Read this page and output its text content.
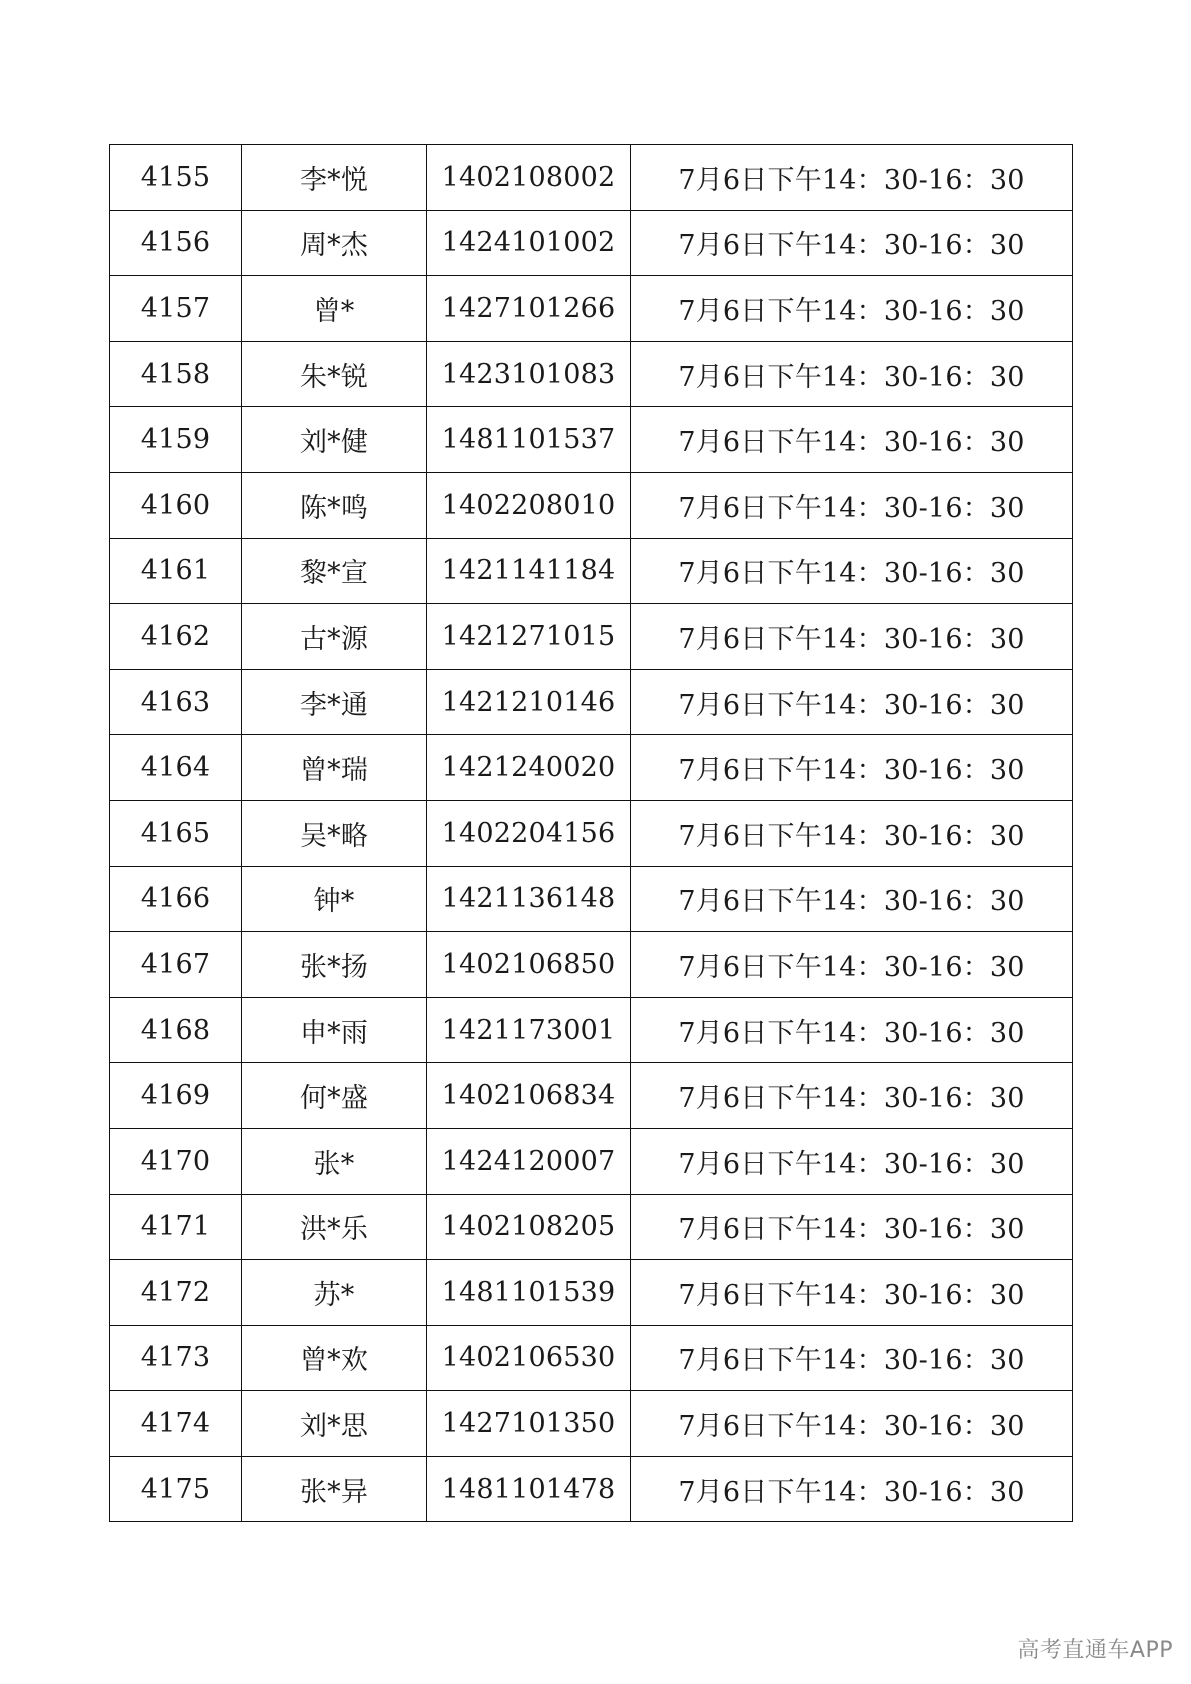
4155	李*悦	1402108002	7月6日下午14：30-16：30
4156	周*杰	1424101002	7月6日下午14：30-16：30
4157	曾*	1427101266	7月6日下午14：30-16：30
4158	朱*锐	1423101083	7月6日下午14：30-16：30
4159	刘*健	1481101537	7月6日下午14：30-16：30
4160	陈*鸣	1402208010	7月6日下午14：30-16：30
4161	黎*宣	1421141184	7月6日下午14：30-16：30
4162	古*源	1421271015	7月6日下午14：30-16：30
4163	李*通	1421210146	7月6日下午14：30-16：30
4164	曾*瑞	1421240020	7月6日下午14：30-16：30
4165	吴*略	1402204156	7月6日下午14：30-16：30
4166	钟*	1421136148	7月6日下午14：30-16：30
4167	张*扬	1402106850	7月6日下午14：30-16：30
4168	申*雨	1421173001	7月6日下午14：30-16：30
4169	何*盛	1402106834	7月6日下午14：30-16：30
4170	张*	1424120007	7月6日下午14：30-16：30
4171	洪*乐	1402108205	7月6日下午14：30-16：30
4172	苏*	1481101539	7月6日下午14：30-16：30
4173	曾*欢	1402106530	7月6日下午14：30-16：30
4174	刘*思	1427101350	7月6日下午14：30-16：30
4175	张*异	1481101478	7月6日下午14：30-16：30
高考直通车APP
